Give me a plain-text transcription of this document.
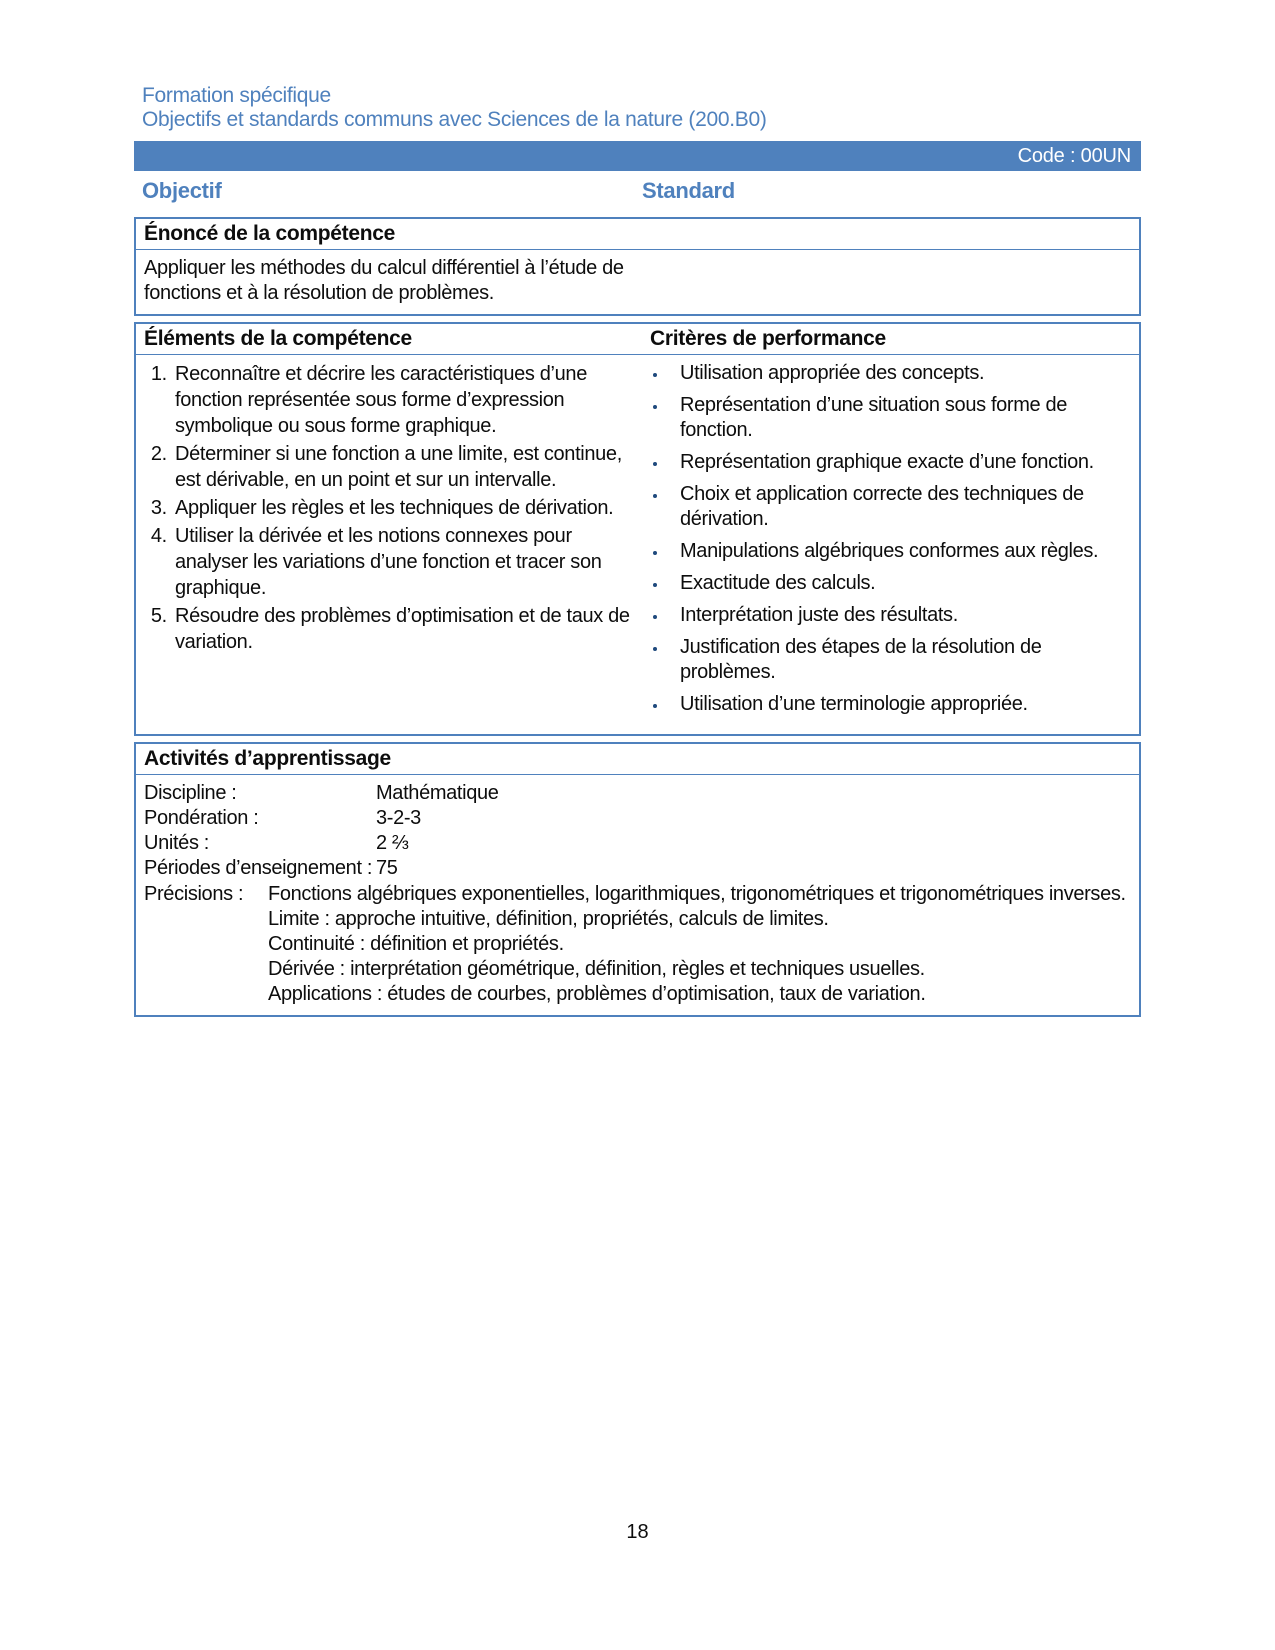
Formation spécifique
Objectifs et standards communs avec Sciences de la nature (200.B0)
Code : 00UN
Objectif	Standard
Énoncé de la compétence
Appliquer les méthodes du calcul différentiel à l’étude de fonctions et à la résolution de problèmes.
Éléments de la compétence	Critères de performance
1. Reconnaître et décrire les caractéristiques d’une fonction représentée sous forme d’expression symbolique ou sous forme graphique.
2. Déterminer si une fonction a une limite, est continue, est dérivable, en un point et sur un intervalle.
3. Appliquer les règles et les techniques de dérivation.
4. Utiliser la dérivée et les notions connexes pour analyser les variations d’une fonction et tracer son graphique.
5. Résoudre des problèmes d’optimisation et de taux de variation.
• Utilisation appropriée des concepts.
• Représentation d’une situation sous forme de fonction.
• Représentation graphique exacte d’une fonction.
• Choix et application correcte des techniques de dérivation.
• Manipulations algébriques conformes aux règles.
• Exactitude des calculs.
• Interprétation juste des résultats.
• Justification des étapes de la résolution de problèmes.
• Utilisation d’une terminologie appropriée.
Activités d’apprentissage
Discipline :	Mathématique
Pondération :	3-2-3
Unités :	2 ⅔
Périodes d’enseignement : 75
Précisions :	Fonctions algébriques exponentielles, logarithmiques, trigonométriques et trigonométriques inverses.
Limite : approche intuitive, définition, propriétés, calculs de limites.
Continuité : définition et propriétés.
Dérivée : interprétation géométrique, définition, règles et techniques usuelles.
Applications : études de courbes, problèmes d’optimisation, taux de variation.
18
